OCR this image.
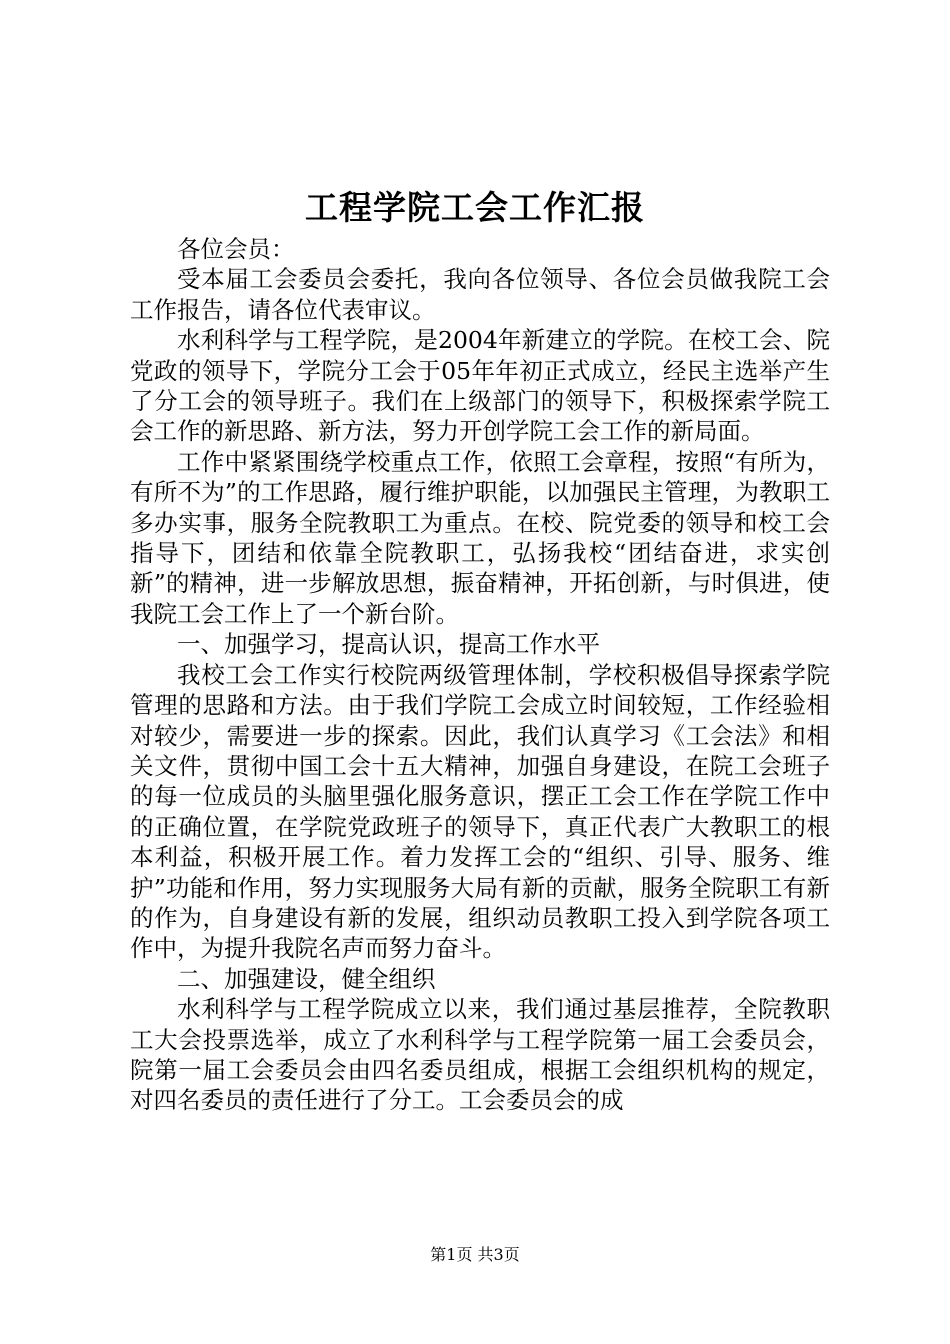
工程学院工会工作汇报

各位会员：

受本届工会委员会委托，我向各位领导、各位会员做我院工会工作报告，请各位代表审议。

水利科学与工程学院，是2004年新建立的学院。在校工会、院党政的领导下，学院分工会于05年年初正式成立，经民主选举产生了分工会的领导班子。我们在上级部门的领导下，积极探索学院工会工作的新思路、新方法，努力开创学院工会工作的新局面。

工作中紧紧围绕学校重点工作，依照工会章程，按照“有所为，有所不为”的工作思路，履行维护职能，以加强民主管理，为教职工多办实事，服务全院教职工为重点。在校、院党委的领导和校工会指导下，团结和依靠全院教职工，弘扬我校“团结奋进，求实创新”的精神，进一步解放思想，振奋精神，开拓创新，与时俱进，使我院工会工作上了一个新台阶。

一、加强学习，提高认识，提高工作水平

我校工会工作实行校院两级管理体制，学校积极倡导探索学院管理的思路和方法。由于我们学院工会成立时间较短，工作经验相对较少，需要进一步的探索。因此，我们认真学习《工会法》和相关文件，贯彻中国工会十五大精神，加强自身建设，在院工会班子的每一位成员的头脑里强化服务意识，摆正工会工作在学院工作中的正确位置，在学院党政班子的领导下，真正代表广大教职工的根本利益，积极开展工作。着力发挥工会的“组织、引导、服务、维护”功能和作用，努力实现服务大局有新的贡献，服务全院职工有新的作为，自身建设有新的发展，组织动员教职工投入到学院各项工作中，为提升我院名声而努力奋斗。

二、加强建设，健全组织

水利科学与工程学院成立以来，我们通过基层推荐，全院教职工大会投票选举，成立了水利科学与工程学院第一届工会委员会，院第一届工会委员会由四名委员组成，根据工会组织机构的规定，对四名委员的责任进行了分工。工会委员会的成

第1页 共3页
